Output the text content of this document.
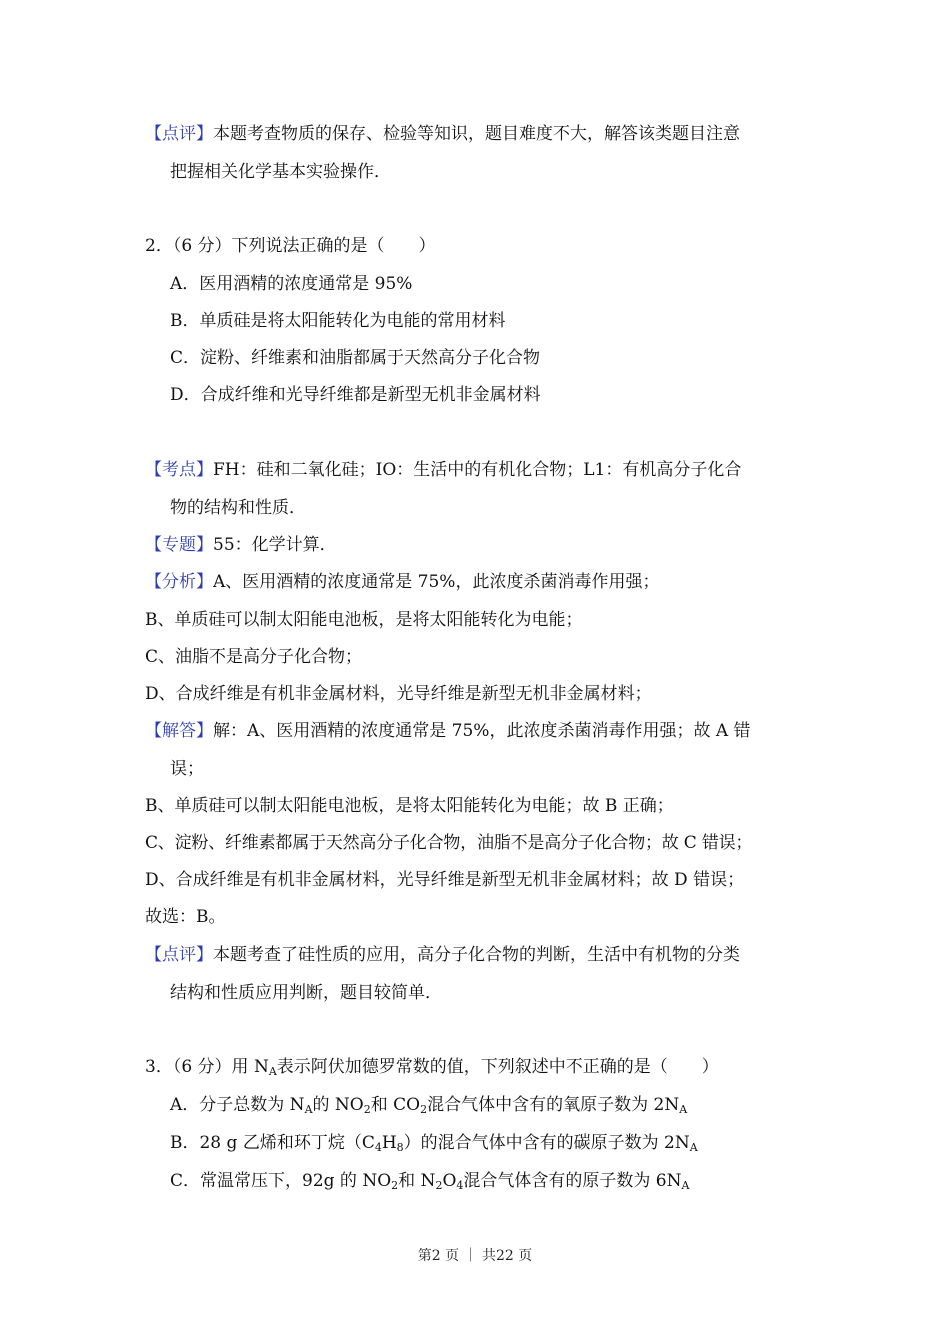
【点评】本题考查物质的保存、检验等知识，题目难度不大，解答该类题目注意
把握相关化学基本实验操作．
2．（6 分）下列说法正确的是（　　）
A．医用酒精的浓度通常是 95%
B．单质硅是将太阳能转化为电能的常用材料
C．淀粉、纤维素和油脂都属于天然高分子化合物
D．合成纤维和光导纤维都是新型无机非金属材料
【考点】FH：硅和二氧化硅；IO：生活中的有机化合物；L1：有机高分子化合
物的结构和性质．
【专题】55：化学计算．
【分析】A、医用酒精的浓度通常是 75%，此浓度杀菌消毒作用强；
B、单质硅可以制太阳能电池板，是将太阳能转化为电能；
C、油脂不是高分子化合物；
D、合成纤维是有机非金属材料，光导纤维是新型无机非金属材料；
【解答】解：A、医用酒精的浓度通常是 75%，此浓度杀菌消毒作用强；故 A 错
误；
B、单质硅可以制太阳能电池板，是将太阳能转化为电能；故 B 正确；
C、淀粉、纤维素都属于天然高分子化合物，油脂不是高分子化合物；故 C 错误；
D、合成纤维是有机非金属材料，光导纤维是新型无机非金属材料；故 D 错误；
故选：B。
【点评】本题考查了硅性质的应用，高分子化合物的判断，生活中有机物的分类
结构和性质应用判断，题目较简单．
3．（6 分）用 $N_A$表示阿伏加德罗常数的值，下列叙述中不正确的是（　　）
A．分子总数为 $N_A$的 $NO_2$和 $CO_2$混合气体中含有的氧原子数为 $2N_A$
B．28 g 乙烯和环丁烷$(C_4H_8)$的混合气体中含有的碳原子数为 $2N_A$
C．常温常压下，92g 的 $NO_2$和 $N_2O_4$混合气体含有的原子数为 $6N_A$
第2 页 ｜ 共22 页
